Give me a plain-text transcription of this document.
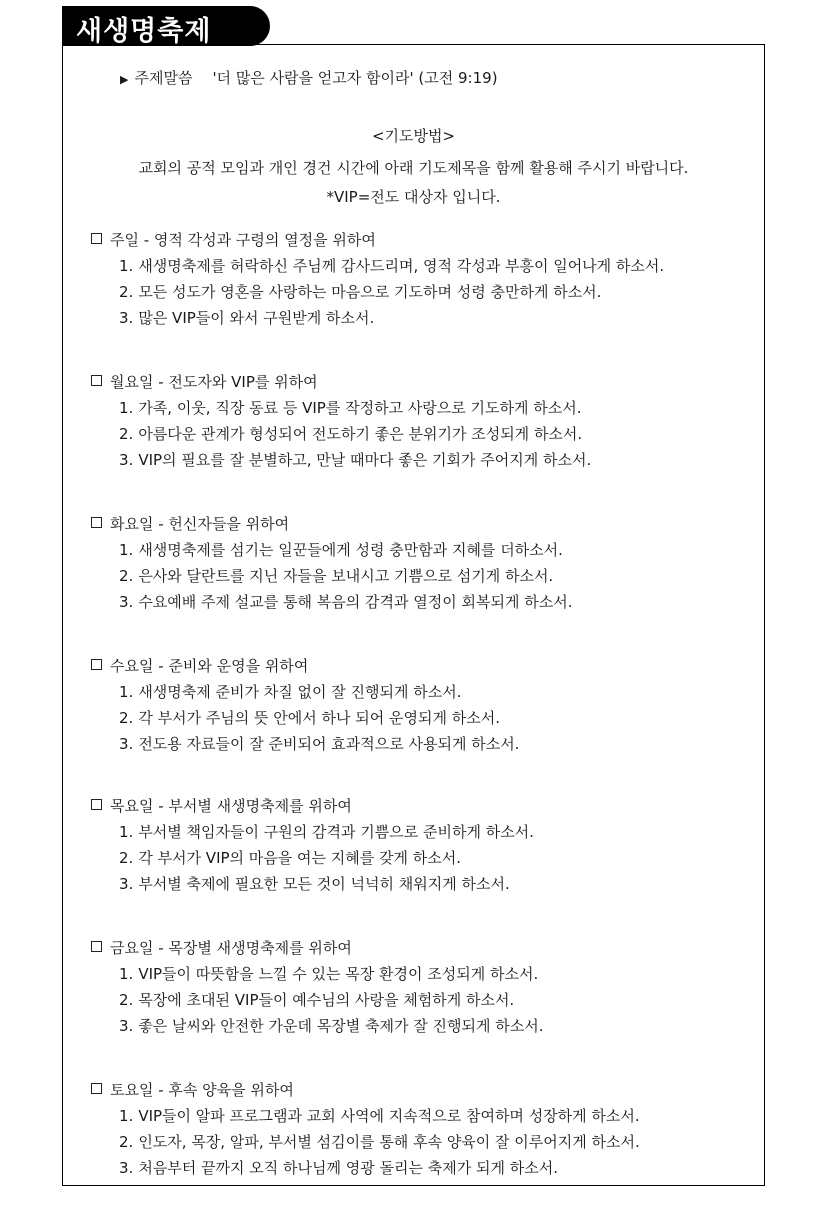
새생명축제
▶ 주제말씀 '더 많은 사람을 얻고자 함이라' (고전 9:19)
<기도방법>
교회의 공적 모임과 개인 경건 시간에 아래 기도제목을 함께 활용해 주시기 바랍니다.
*VIP=전도 대상자 입니다.
주일 - 영적 각성과 구령의 열정을 위하여
1. 새생명축제를 허락하신 주님께 감사드리며, 영적 각성과 부흥이 일어나게 하소서.
2. 모든 성도가 영혼을 사랑하는 마음으로 기도하며 성령 충만하게 하소서.
3. 많은 VIP들이 와서 구원받게 하소서.
월요일 - 전도자와 VIP를 위하여
1. 가족, 이웃, 직장 동료 등 VIP를 작정하고 사랑으로 기도하게 하소서.
2. 아름다운 관계가 형성되어 전도하기 좋은 분위기가 조성되게 하소서.
3. VIP의 필요를 잘 분별하고, 만날 때마다 좋은 기회가 주어지게 하소서.
화요일 - 헌신자들을 위하여
1. 새생명축제를 섬기는 일꾼들에게 성령 충만함과 지혜를 더하소서.
2. 은사와 달란트를 지닌 자들을 보내시고 기쁨으로 섬기게 하소서.
3. 수요예배 주제 설교를 통해 복음의 감격과 열정이 회복되게 하소서.
수요일 - 준비와 운영을 위하여
1. 새생명축제 준비가 차질 없이 잘 진행되게 하소서.
2. 각 부서가 주님의 뜻 안에서 하나 되어 운영되게 하소서.
3. 전도용 자료들이 잘 준비되어 효과적으로 사용되게 하소서.
목요일 - 부서별 새생명축제를 위하여
1. 부서별 책임자들이 구원의 감격과 기쁨으로 준비하게 하소서.
2. 각 부서가 VIP의 마음을 여는 지혜를 갖게 하소서.
3. 부서별 축제에 필요한 모든 것이 넉넉히 채워지게 하소서.
금요일 - 목장별 새생명축제를 위하여
1. VIP들이 따뜻함을 느낄 수 있는 목장 환경이 조성되게 하소서.
2. 목장에 초대된 VIP들이 예수님의 사랑을 체험하게 하소서.
3. 좋은 날씨와 안전한 가운데 목장별 축제가 잘 진행되게 하소서.
토요일 - 후속 양육을 위하여
1. VIP들이 알파 프로그램과 교회 사역에 지속적으로 참여하며 성장하게 하소서.
2. 인도자, 목장, 알파, 부서별 섬김이를 통해 후속 양육이 잘 이루어지게 하소서.
3. 처음부터 끝까지 오직 하나님께 영광 돌리는 축제가 되게 하소서.
